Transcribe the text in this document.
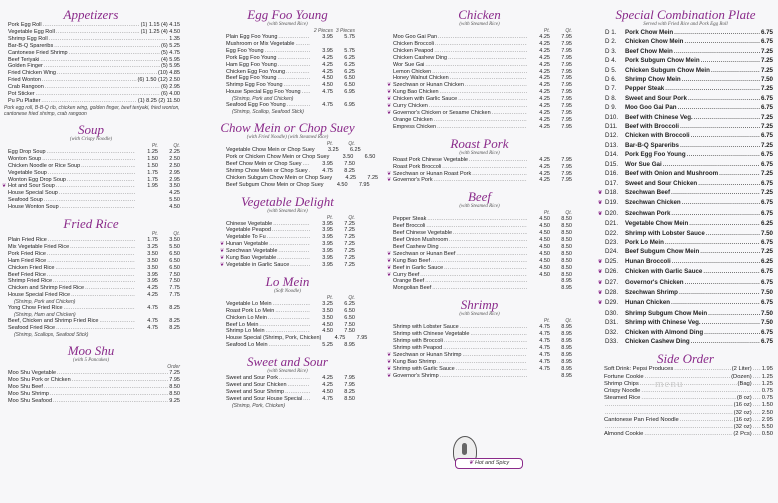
Appetizers
Pork Egg Roll .....	(1) 1.15 (4) 4.15
Vegetable Egg Roll .....	(1) 1.25 (4) 4.50
Shrimp Egg Roll .....	1.35
Bar-B-Q Spareribs .....	(6) 5.25
Cantonese Fried Shrimp .....	(5) 4.75
Beef Teriyaki .....	(4) 5.95
Golden Finger .....	(5) 5.95
Fried Chicken Wing .....	(10) 4.85
Fried Wonton .....	(6) 1.50 (12) 2.50
Crab Rangoon .....	(6) 2.95
Pot Sticker .....	(6) 4.00
Pu Pu Platter .....	(1) 8.25 (2) 11.50
Pork egg roll, B-B-Q rib, chicken wing, golden finger, beef teriyaki, fried wonton, cantonese fried shrimp, crab rangoon
Soup
(with Crispy Noodle)
Pt.	Qt.
Egg Drop Soup .....	1.25	2.25
Wonton Soup .....	1.50	2.50
Chicken Noodle or Rice Soup .....	1.50	2.50
Vegetable Soup .....	1.75	2.95
Wonton Egg Drop Soup .....	1.75	2.95
❦ Hot and Sour Soup .....	1.95	3.50
House Special Soup .....	4.25
Seafood Soup .....	5.50
House Wonton Soup .....	4.50
Fried Rice
Pt.	Qt.
Plain Fried Rice .....	1.75	3.50
Mix Vegetable Fried Rice .....	3.25	5.50
Pork Fried Rice .....	3.50	6.50
Ham Fried Rice .....	3.50	6.50
Chicken Fried Rice .....	3.50	6.50
Beef Fried Rice .....	3.95	7.50
Shrimp Fried Rice .....	3.95	7.50
Chicken and Shrimp Fried Rice .....	4.25	7.75
House Special Fried Rice .....	4.25	7.75
(Shrimp, Pork and Chicken)
Yong Chow Fried Rice .....	4.75	8.25
(Shrimp, Ham and Chicken)
Beef, Chicken and Shrimp Fried Rice .....	4.75	8.25
Seafood Fried Rice .....	4.75	8.25
(Shrimp, Scallops, Seafood Stick)
Moo Shu
(with 5 Pancakes)
Order
Moo Shu Vegetable .....	7.25
Moo Shu Pork or Chicken .....	7.95
Moo Shu Beef .....	8.50
Moo Shu Shrimp .....	8.50
Moo Shu Seafood .....	9.25
Egg Foo Young
(with Steamed Rice)
2 Pieces 3 Pieces
Plain Egg Foo Young .....	3.95	5.75
Mushroom or Mix Vegetable
.....
Egg Foo Young .....	3.95	5.75
Pork Egg Foo Young .....	4.25	6.25
Ham Egg Foo Young .....	4.25	6.25
Chicken Egg Foo Young .....	4.25	6.25
Beef Egg Foo Young .....	4.50	6.50
Shrimp Egg Foo Young .....	4.50	6.50
House Special Egg Foo Young .....	4.75	6.95
(Shrimp, Pork and Chicken)
Seafood Egg Foo Young .....	4.75	6.95
(Shrimp, Scallop, Seafood Stick)
Chow Mein or Chop Suey
(with Fried Noodle) (with Steamed Rice)
Pt.	Qt.
Vegetable Chow Mein or Chop Suey	3.25	6.25
Pork or Chicken Chow Mein or Chop Suey	3.50	6.50
Beef Chow Mein or Chop Suey .....	3.95	7.50
Shrimp Chow Mein or Chop Suey .....	4.75	8.25
Chicken Subgum Chow Mein or Chop Suey	4.25	7.25
Beef Subgum Chow Mein or Chop Suey	4.50	7.95
Vegetable Delight
(with Steamed Rice)
Pt.	Qt.
Chinese Vegetable .....	3.95	7.25
Vegetable Peapod .....	3.95	7.25
Vegetable To Fu .....	3.95	7.25
❦ Hunan Vegetable .....	3.95	7.25
❦ Szechwan Vegetable .....	3.95	7.25
❦ Kung Bao Vegetable .....	3.95	7.25
❦ Vegetable in Garlic Sauce .....	3.95	7.25
Lo Mein
(Soft Noodle)
Pt.	Qt.
Vegetable Lo Mein .....	3.25	6.25
Roast Pork Lo Mein .....	3.50	6.50
Chicken Lo Mein .....	3.50	6.50
Beef Lo Mein .....	4.50	7.50
Shrimp Lo Mein .....	4.50	7.50
House Special (Shrimp, Pork, Chicken)	4.75	7.95
Seafood Lo Mein .....	5.25	8.95
Sweet and Sour
(with Steamed Rice)
Sweet and Sour Pork .....	4.25	7.95
Sweet and Sour Chicken .....	4.25	7.95
Sweet and Sour Shrimp .....	4.50	8.25
Sweet and Sour House Special .....	4.75	8.50
(Shrimp, Pork, Chicken)
Chicken
(with Steamed Rice)
Pt.	Qt.
Moo Goo Gai Pan .....	4.25	7.95
Chicken Broccoli .....	4.25	7.95
Chicken Peapod .....	4.25	7.95
Chicken Cashew Ding .....	4.25	7.95
Wor Sue Gai .....	4.25	7.95
Lemon Chicken .....	4.25	7.95
Honey Walnut Chicken .....	4.25	7.95
❦ Szechwan or Hunan Chicken .....	4.25	7.95
❦ Kung Bao Chicken .....	4.25	7.95
❦ Chicken with Garlic Sauce .....	4.25	7.95
❦ Curry Chicken .....	4.25	7.95
❦ Governor's Chicken or Sesame Chicken .....	4.25	7.95
Orange Chicken .....	4.25	7.95
Empress Chicken .....	4.25	7.95
Roast Pork
(with Steamed Rice)
Roast Pork Chinese Vegetable .....	4.25	7.95
Roast Pork Broccoli .....	4.25	7.95
❦ Szechwan or Hunan Roast Pork .....	4.25	7.95
❦ Governor's Pork .....	4.25	7.95
Beef
(with Steamed Rice)
Pt.	Qt.
Pepper Steak .....	4.50	8.50
Beef Broccoli .....	4.50	8.50
Beef Chinese Vegetable .....	4.50	8.50
Beef Onion Mushroom .....	4.50	8.50
Beef Cashew Ding .....	4.50	8.50
❦ Szechwan or Hunan Beef .....	4.50	8.50
❦ Kung Bao Beef .....	4.50	8.50
❦ Beef in Garlic Sauce .....	4.50	8.50
❦ Curry Beef .....	4.50	8.50
Orange Beef .....	8.95
Mongolian Beef .....	8.95
Shrimp
(with Steamed Rice)
Pt.	Qt.
Shrimp with Lobster Sauce .....	4.75	8.95
Shrimp with Chinese Vegetable .....	4.75	8.95
Shrimp with Broccoli .....	4.75	8.95
Shrimp with Peapod .....	4.75	8.95
❦ Szechwan or Hunan Shrimp .....	4.75	8.95
❦ Kung Bao Shrimp .....	4.75	8.95
❦ Shrimp with Garlic Sauce .....	4.75	8.95
❦ Governor's Shrimp .....	8.95
Special Combination Plate
Served with Fried Rice and Pork Egg Roll
D 1.	Pork Chow Mein .....	6.75
D 2.	Chicken Chow Mein .....	6.75
D 3.	Beef Chow Mein .....	7.25
D 4.	Pork Subgum Chow Mein .....	7.25
D 5.	Chicken Subgum Chow Mein .....	7.25
D 6.	Shrimp Chow Mein .....	7.50
D 7.	Pepper Steak .....	7.25
D 8.	Sweet and Sour Pork .....	6.75
D 9.	Moo Goo Gai Pan .....	6.75
D10.	Beef with Chinese Veg. .....	7.25
D11.	Beef with Broccoli .....	7.25
D12.	Chicken with Broccoli .....	6.75
D13.	Bar-B-Q Spareribs .....	7.25
D14.	Pork Egg Foo Young .....	6.75
D15.	Wor Sue Gai .....	6.75
D16.	Beef with Onion and Mushroom .....	7.25
D17.	Sweet and Sour Chicken .....	6.75
❦ D18.	Szechwan Beef .....	7.25
❦ D19.	Szechwan Chicken .....	6.75
❦ D20.	Szechwan Pork .....	6.75
D21.	Vegetable Chow Mein .....	6.25
D22.	Shrimp with Lobster Sauce .....	7.50
D23.	Pork Lo Mein .....	6.75
D24.	Beef Subgum Chow Mein .....	7.25
❦ D25.	Hunan Broccoli .....	6.25
❦ D26.	Chicken with Garlic Sauce .....	6.75
❦ D27.	Governor's Chicken .....	6.75
❦ D28.	Szechwan Shrimp .....	7.50
❦ D29.	Hunan Chicken .....	6.75
D30.	Shrimp Subgum Chow Mein .....	7.50
D31.	Shrimp with Chinese Veg. .....	7.50
D32.	Chicken with Almond Ding .....	6.75
D33.	Chicken Cashew Ding .....	6.75
Side Order
Soft Drink: Pepsi Produces .....	(2 Liter) ..... 1.95
Fortune Cookie .....	(Dozen) ..... 1.25
Shrimp Chips .....	(Bag) ..... 1.25
Crispy Noodle ..... .....	0.75
Steamed Rice .....	(8 oz) ..... 0.75
.....
(16 oz) ..... 1.50
.....
(32 oz) ..... 2.50
Cantonese Pan Fried Noodle .....	(16 oz) ..... 2.95
.....
(32 oz) ..... 5.50
Almond Cookie .....	(2 Pcs) ..... 0.50
❦ Hot and Spicy
menu
